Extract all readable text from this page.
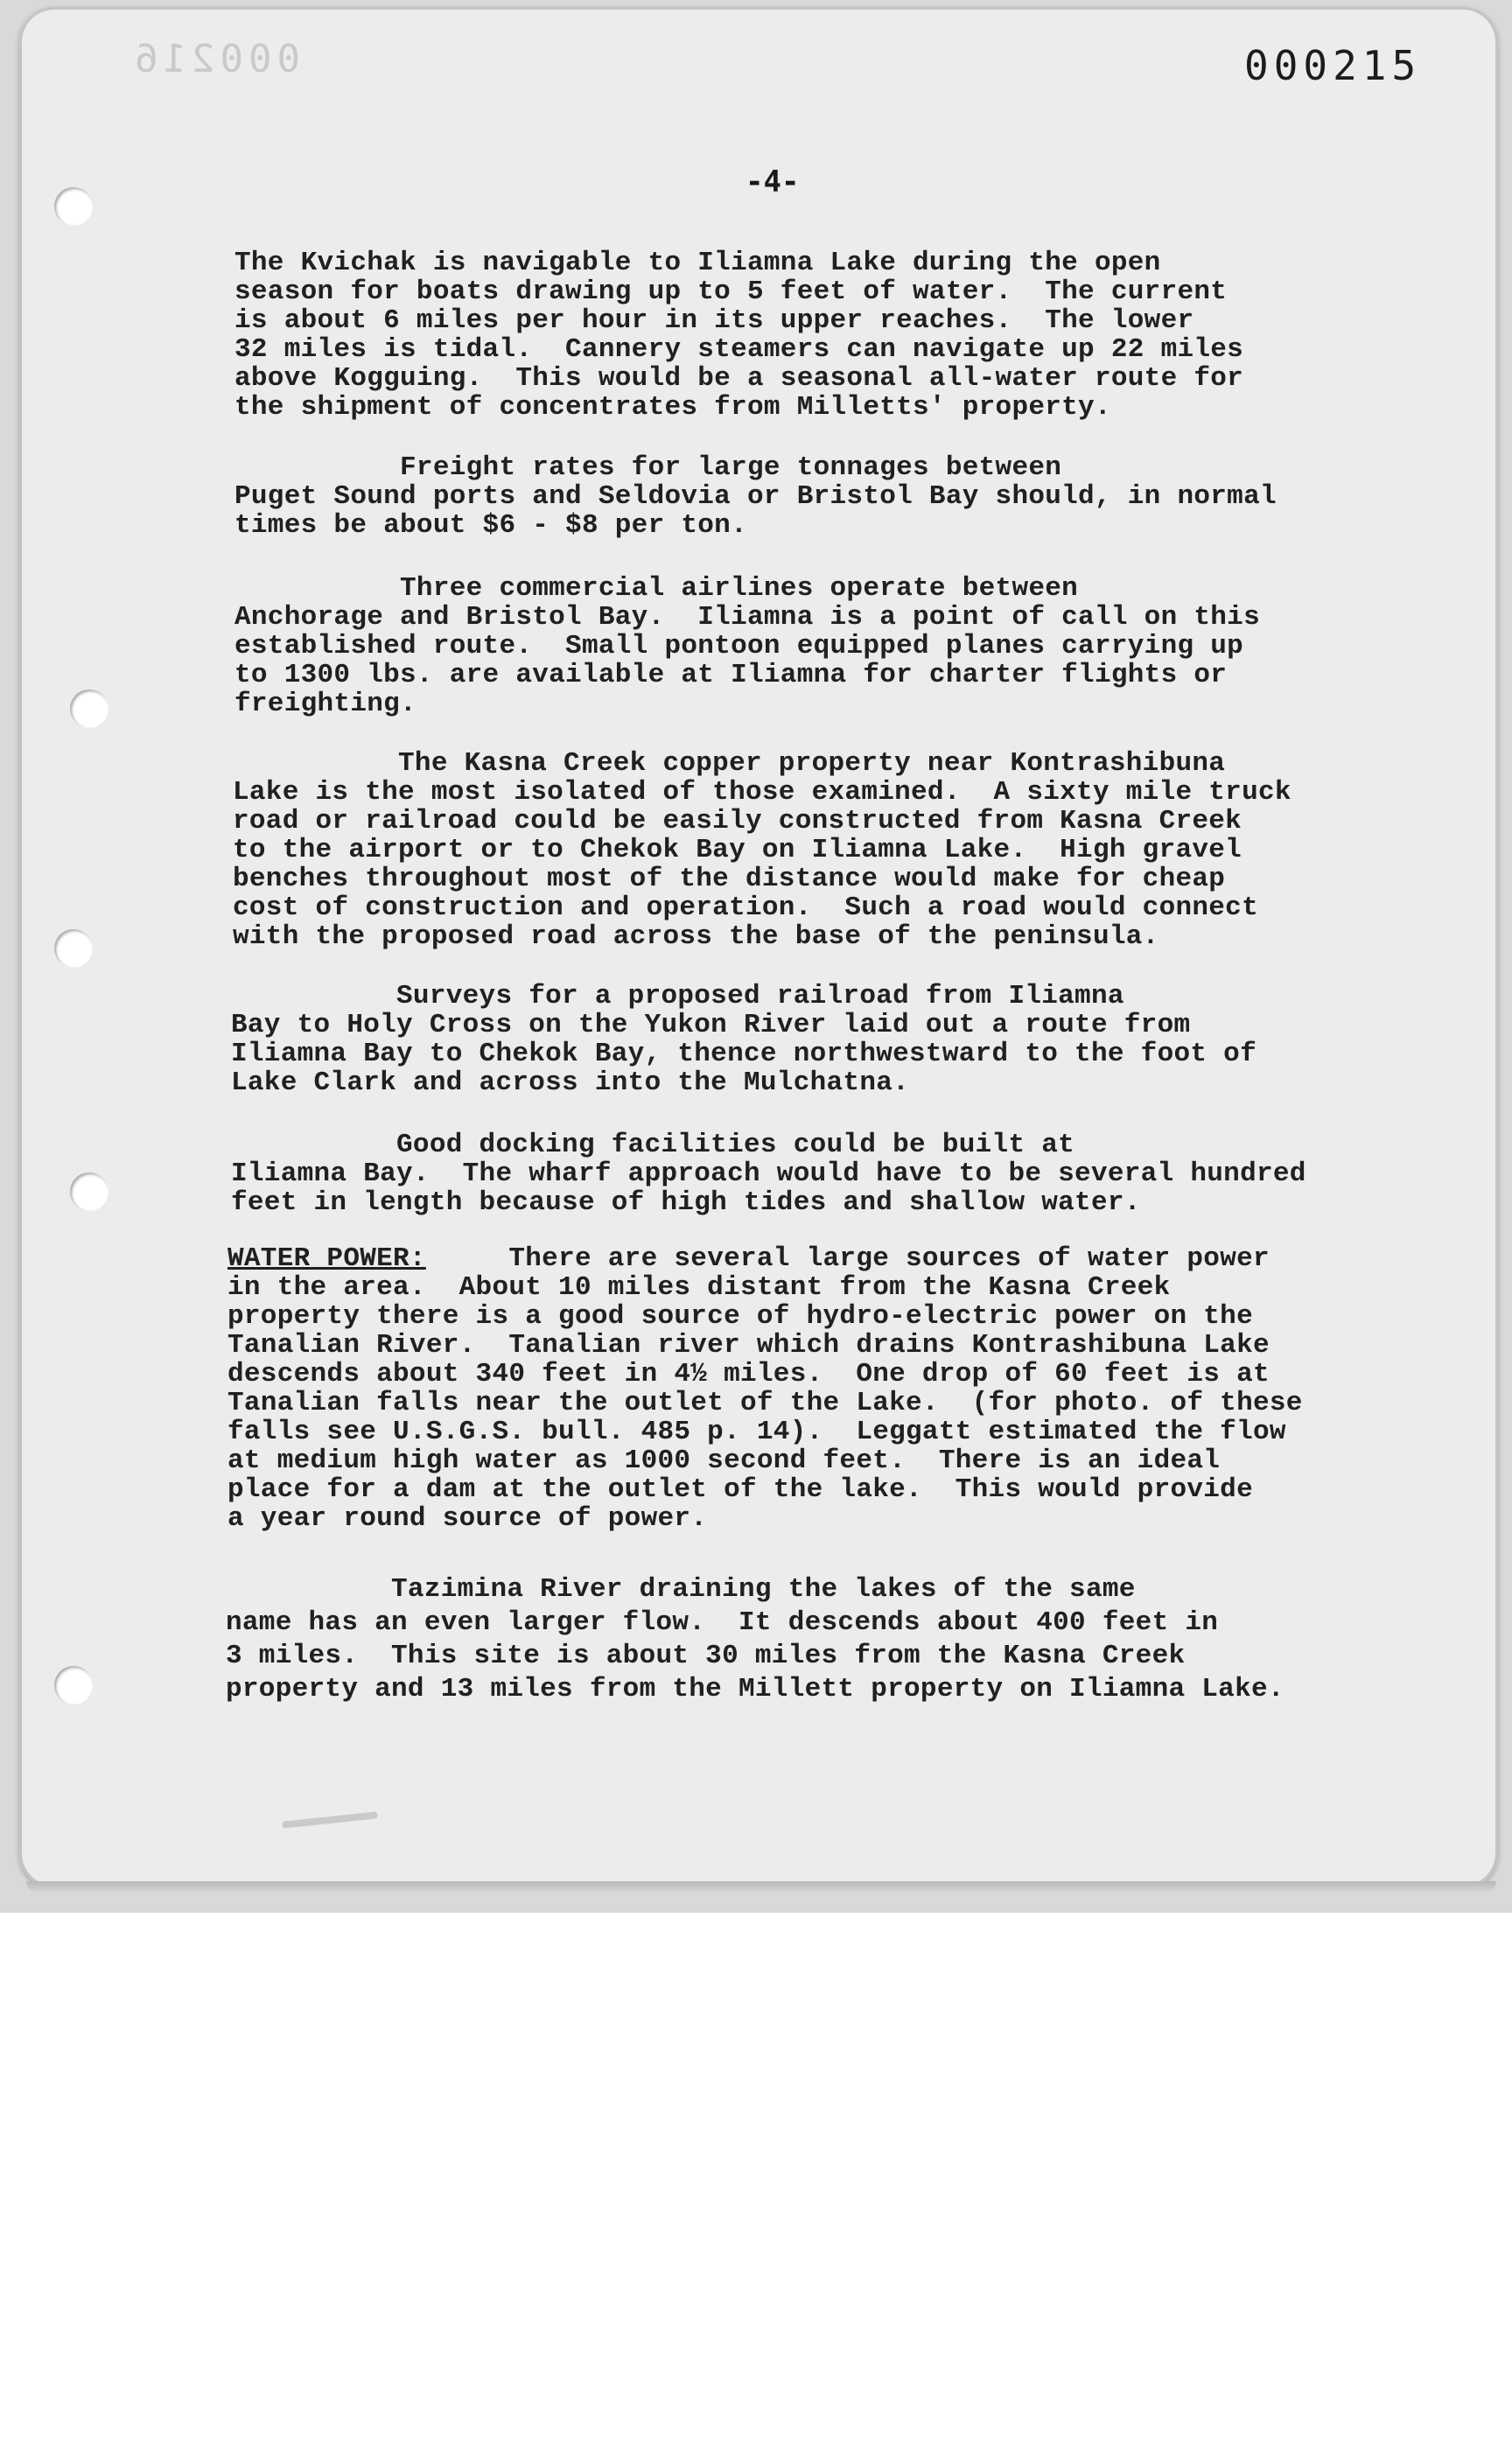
000216	000215
-4-

The Kvichak is navigable to Iliamna Lake during the open
season for boats drawing up to 5 feet of water.  The current
is about 6 miles per hour in its upper reaches.  The lower
32 miles is tidal.  Cannery steamers can navigate up 22 miles
above Kogguing.  This would be a seasonal all-water route for
the shipment of concentrates from Milletts' property.

Freight rates for large tonnages between
Puget Sound ports and Seldovia or Bristol Bay should, in normal
times be about $6 - $8 per ton.

Three commercial airlines operate between
Anchorage and Bristol Bay.  Iliamna is a point of call on this
established route.  Small pontoon equipped planes carrying up
to 1300 lbs. are available at Iliamna for charter flights or
freighting.

The Kasna Creek copper property near Kontrashibuna
Lake is the most isolated of those examined.  A sixty mile truck
road or railroad could be easily constructed from Kasna Creek
to the airport or to Chekok Bay on Iliamna Lake.  High gravel
benches throughout most of the distance would make for cheap
cost of construction and operation.  Such a road would connect
with the proposed road across the base of the peninsula.

Surveys for a proposed railroad from Iliamna
Bay to Holy Cross on the Yukon River laid out a route from
Iliamna Bay to Chekok Bay, thence northwestward to the foot of
Lake Clark and across into the Mulchatna.

Good docking facilities could be built at
Iliamna Bay.  The wharf approach would have to be several hundred
feet in length because of high tides and shallow water.

WATER POWER:	There are several large sources of water power
in the area.  About 10 miles distant from the Kasna Creek
property there is a good source of hydro-electric power on the
Tanalian River.  Tanalian river which drains Kontrashibuna Lake
descends about 340 feet in 4½ miles.  One drop of 60 feet is at
Tanalian falls near the outlet of the Lake.  (for photo. of these
falls see U.S.G.S. bull. 485 p. 14).  Leggatt estimated the flow
at medium high water as 1000 second feet.  There is an ideal
place for a dam at the outlet of the lake.  This would provide
a year round source of power.

Tazimina River draining the lakes of the same
name has an even larger flow.  It descends about 400 feet in
3 miles.  This site is about 30 miles from the Kasna Creek
property and 13 miles from the Millett property on Iliamna Lake.
